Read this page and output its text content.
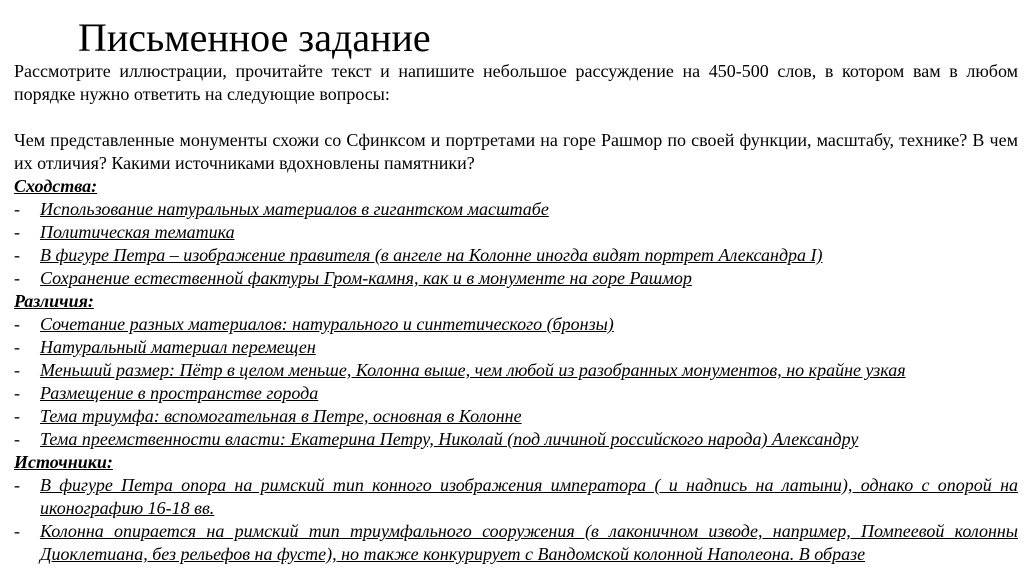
Письменное задание

Рассмотрите иллюстрации, прочитайте текст и напишите небольшое рассуждение на 450-500 слов, в котором вам в любом порядке нужно ответить на следующие вопросы:

Чем представленные монументы схожи со Сфинксом и портретами на горе Рашмор по своей функции, масштабу, технике? В чем их отличия? Какими источниками вдохновлены памятники?

Сходства:

- Использование натуральных материалов в гигантском масштабе
- Политическая тематика
- В фигуре Петра – изображение правителя (в ангеле на Колонне иногда видят портрет Александра I)
- Сохранение естественной фактуры Гром-камня, как и в монументе на горе Рашмор

Различия:

- Сочетание разных материалов: натурального и синтетического (бронзы)
- Натуральный материал перемещен
- Меньший размер: Пётр в целом меньше, Колонна выше, чем любой из разобранных монументов, но крайне узкая
- Размещение в пространстве города
- Тема триумфа: вспомогательная в Петре, основная в Колонне
- Тема преемственности власти: Екатерина Петру, Николай (под личиной российского народа) Александру

Источники:

- В фигуре Петра опора на римский тип конного изображения императора ( и надпись на латыни), однако с опорой на иконографию 16-18 вв.
- Колонна опирается на римский тип триумфального сооружения (в лаконичном изводе, например, Помпеевой колонны Диоклетиана, без рельефов на фусте), но также конкурирует с Вандомской колонной Наполеона. В образе
